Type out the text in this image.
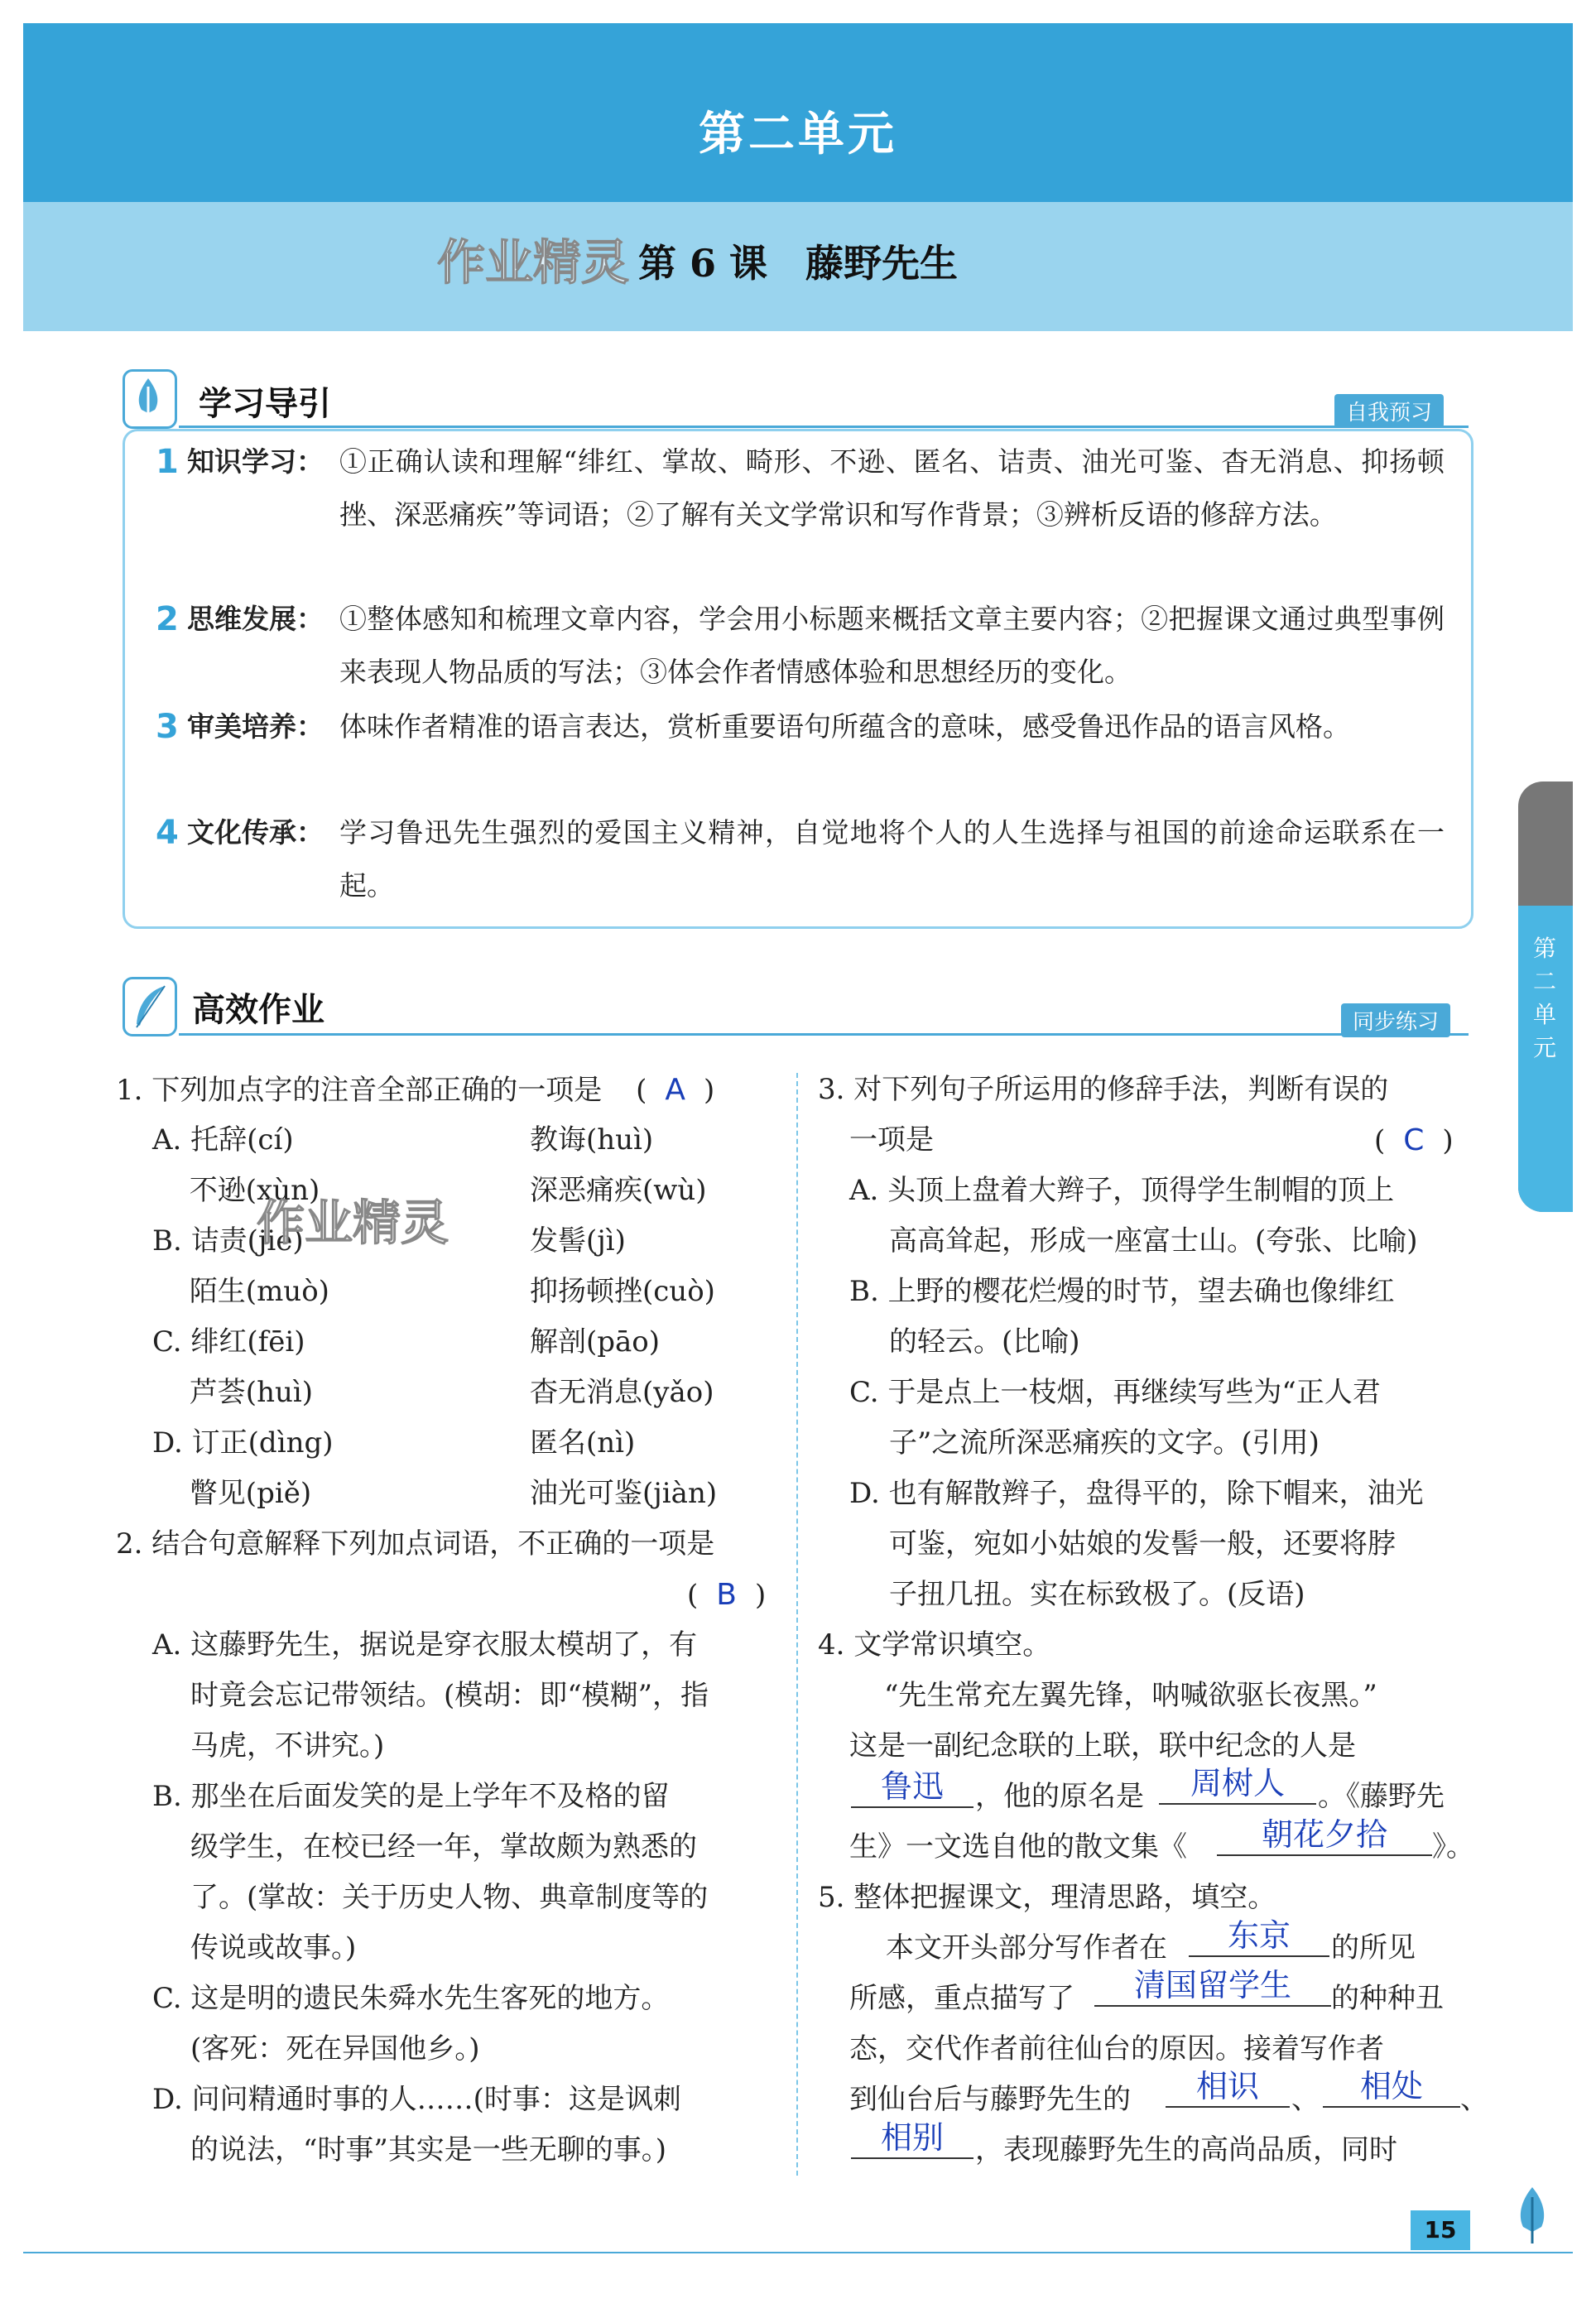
第二单元
第 6 课　藤野先生
作业精灵
学习导引	自我预习
1 知识学习： ①正确认读和理解“绯红、掌故、畸形、不逊、匿名、诘责、油光可鉴、杳无消息、抑扬顿挫、深恶痛疾”等词语；②了解有关文学常识和写作背景；③辨析反语的修辞方法。
2 思维发展： ①整体感知和梳理文章内容，学会用小标题来概括文章主要内容；②把握课文通过典型事例来表现人物品质的写法；③体会作者情感体验和思想经历的变化。
3 审美培养： 体味作者精准的语言表达，赏析重要语句所蕴含的意味，感受鲁迅作品的语言风格。
4 文化传承： 学习鲁迅先生强烈的爱国主义精神，自觉地将个人的人生选择与祖国的前途命运联系在一起。
高效作业	同步练习
1. 下列加点字的注音全部正确的一项是 ( A )
A. 托辞(cí)	教诲(huì)
　 不逊(xùn)	深恶痛疾(wù)
B. 诘责(jié)	发髻(jì)
　 陌生(muò)	抑扬顿挫(cuò)
C. 绯红(fēi)	解剖(pāo)
　 芦荟(huì)	杳无消息(yǎo)
D. 订正(dìng)	匿名(nì)
　 瞥见(piě)	油光可鉴(jiàn)
2. 结合句意解释下列加点词语，不正确的一项是
( B )
A. 这藤野先生，据说是穿衣服太模胡了，有
时竟会忘记带领结。(模胡：即“模糊”，指
马虎，不讲究。)
B. 那坐在后面发笑的是上学年不及格的留
级学生，在校已经一年，掌故颇为熟悉的
了。(掌故：关于历史人物、典章制度等的
传说或故事。)
C. 这是明的遗民朱舜水先生客死的地方。
(客死：死在异国他乡。)
D. 问问精通时事的人……(时事：这是讽刺
的说法，“时事”其实是一些无聊的事。)
作业精灵
3. 对下列句子所运用的修辞手法，判断有误的
一项是	( C )
A. 头顶上盘着大辫子，顶得学生制帽的顶上
高高耸起，形成一座富士山。(夸张、比喻)
B. 上野的樱花烂熳的时节，望去确也像绯红
的轻云。(比喻)
C. 于是点上一枝烟，再继续写些为“正人君
子”之流所深恶痛疾的文字。(引用)
D. 也有解散辫子，盘得平的，除下帽来，油光
可鉴，宛如小姑娘的发髻一般，还要将脖
子扭几扭。实在标致极了。(反语)
4. 文学常识填空。
“先生常充左翼先锋，呐喊欲驱长夜黑。”
这是一副纪念联的上联，联中纪念的人是
鲁迅	，他的原名是	周树人	。《藤野先
生》一文选自他的散文集《	朝花夕拾	》。
5. 整体把握课文，理清思路，填空。
本文开头部分写作者在	东京	的所见
所感，重点描写了	清国留学生	的种种丑
态，交代作者前往仙台的原因。接着写作者
到仙台后与藤野先生的	相识	、	相处	、
相别	，表现藤野先生的高尚品质，同时
第二单元
15
